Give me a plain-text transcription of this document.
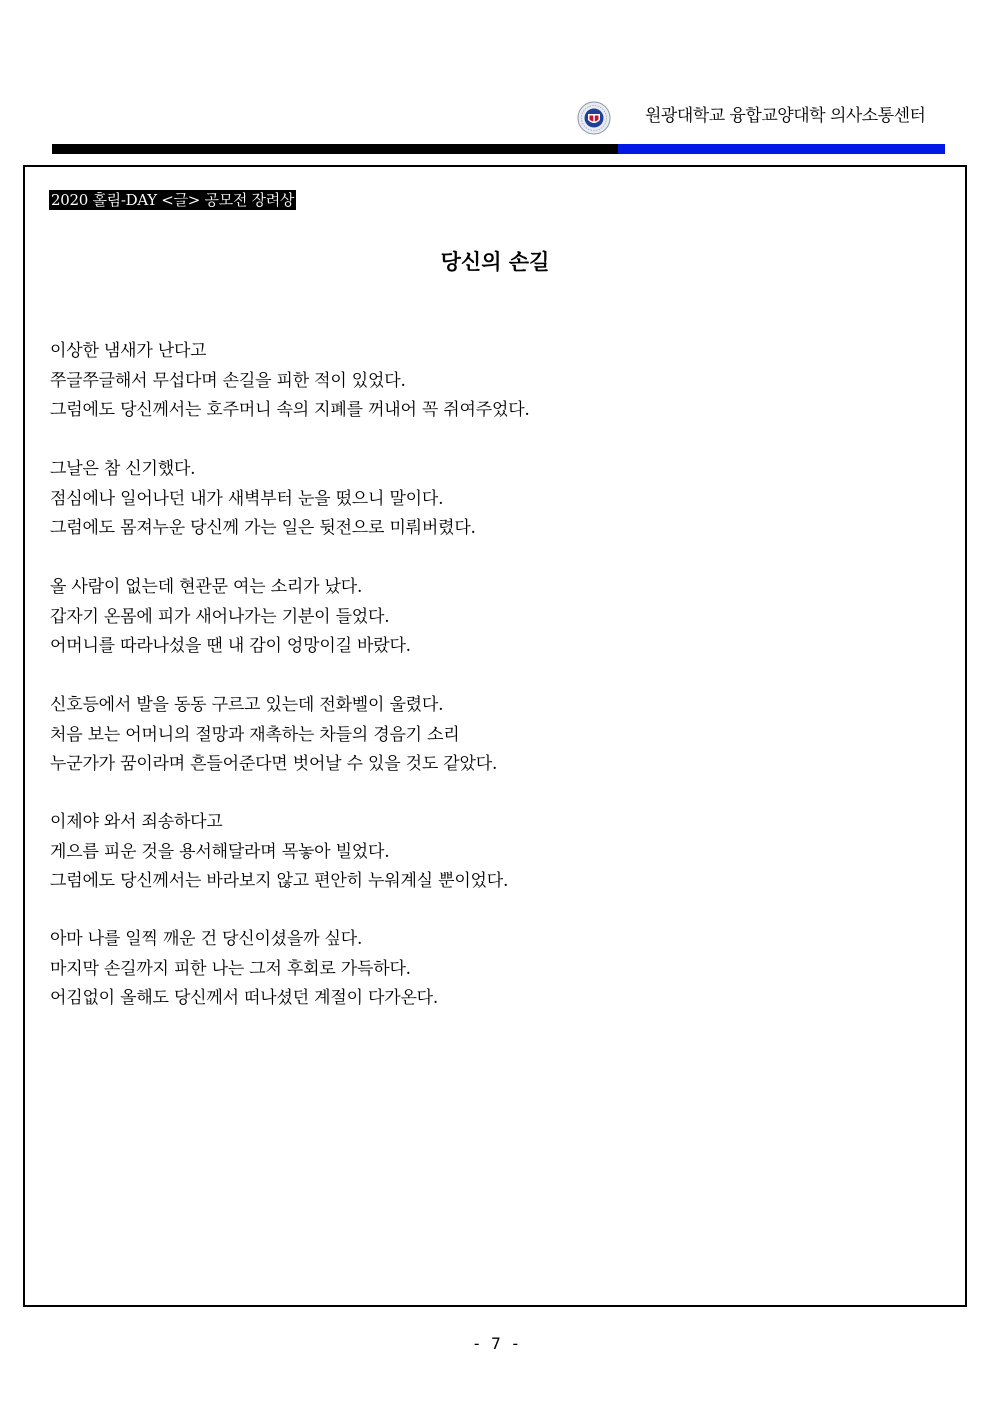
원광대학교 융합교양대학 의사소통센터
2020 홀림-DAY <글> 공모전 장려상
당신의 손길
이상한 냄새가 난다고
쭈글쭈글해서 무섭다며 손길을 피한 적이 있었다.
그럼에도 당신께서는 호주머니 속의 지폐를 꺼내어 꼭 쥐여주었다.
그날은 참 신기했다.
점심에나 일어나던 내가 새벽부터 눈을 떴으니 말이다.
그럼에도 몸져누운 당신께 가는 일은 뒷전으로 미뤄버렸다.
올 사람이 없는데 현관문 여는 소리가 났다.
갑자기 온몸에 피가 새어나가는 기분이 들었다.
어머니를 따라나섰을 땐 내 감이 엉망이길 바랐다.
신호등에서 발을 동동 구르고 있는데 전화벨이 울렸다.
처음 보는 어머니의 절망과 재촉하는 차들의 경음기 소리
누군가가 꿈이라며 흔들어준다면 벗어날 수 있을 것도 같았다.
이제야 와서 죄송하다고
게으름 피운 것을 용서해달라며 목놓아 빌었다.
그럼에도 당신께서는 바라보지 않고 편안히 누워계실 뿐이었다.
아마 나를 일찍 깨운 건 당신이셨을까 싶다.
마지막 손길까지 피한 나는 그저 후회로 가득하다.
어김없이 올해도 당신께서 떠나셨던 계절이 다가온다.
- 7 -
